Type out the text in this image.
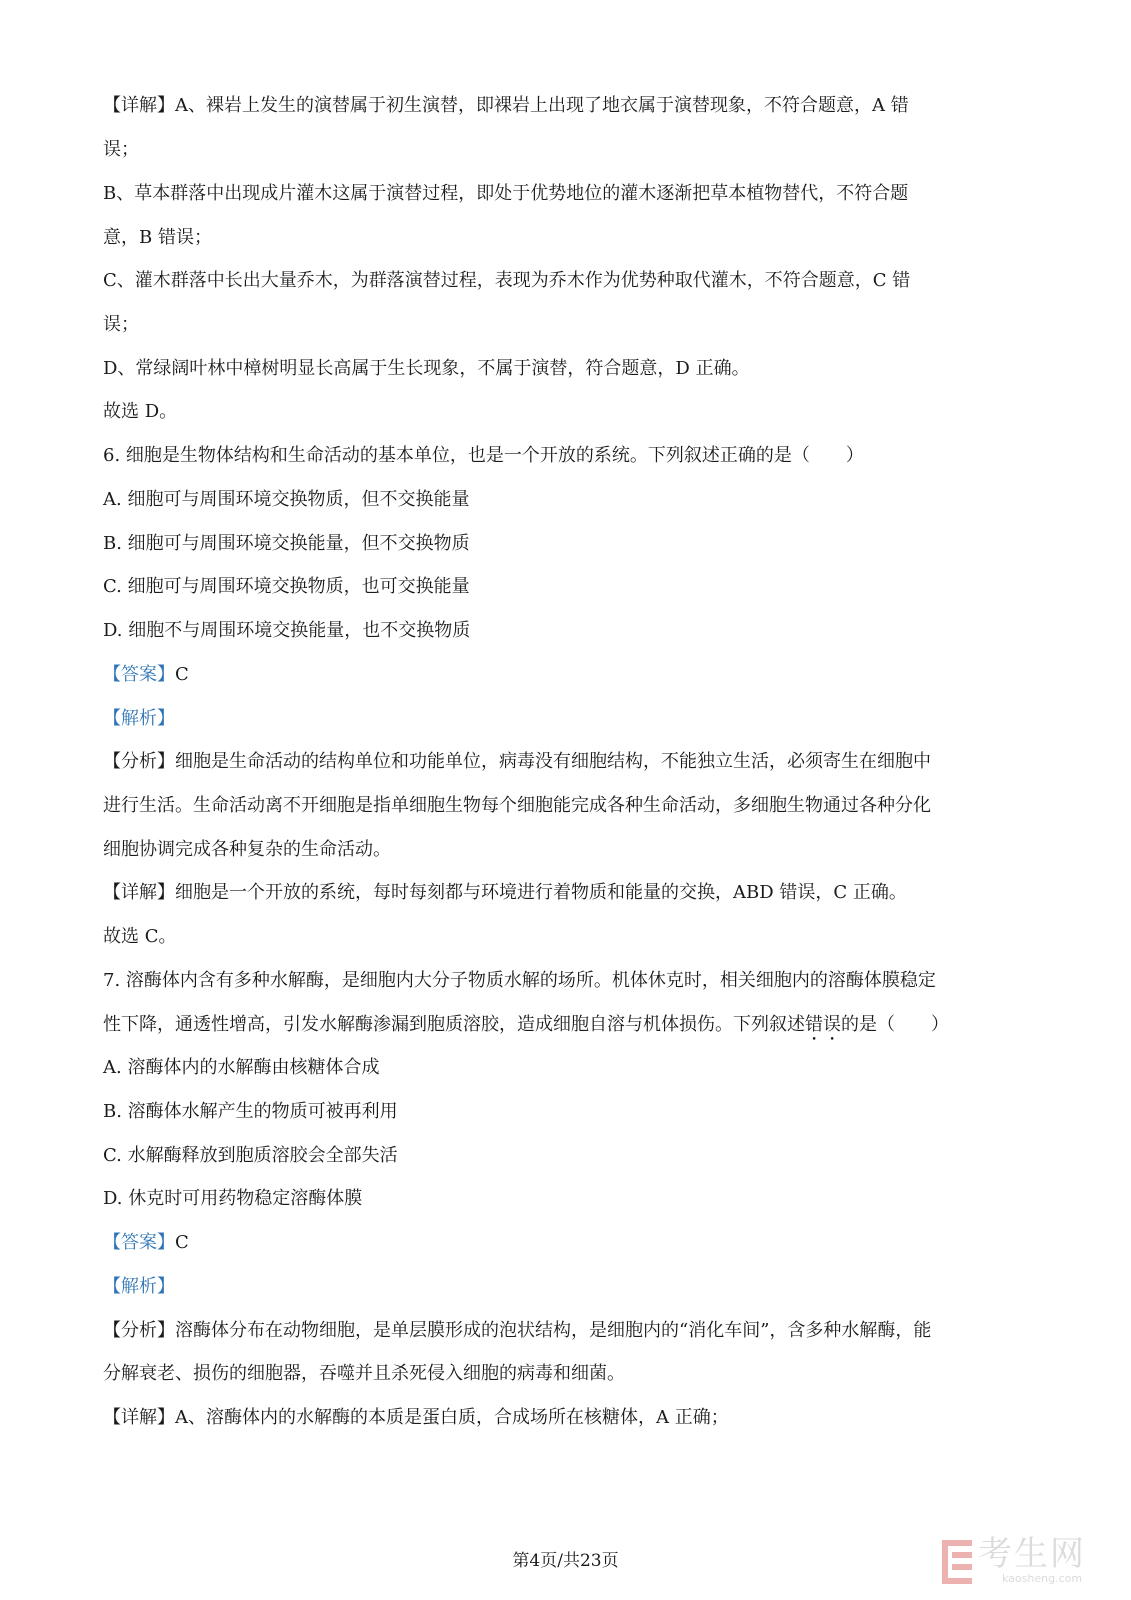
【详解】A、裸岩上发生的演替属于初生演替，即裸岩上出现了地衣属于演替现象，不符合题意，A 错
误；
B、草本群落中出现成片灌木这属于演替过程，即处于优势地位的灌木逐渐把草本植物替代，不符合题
意，B 错误；
C、灌木群落中长出大量乔木，为群落演替过程，表现为乔木作为优势种取代灌木，不符合题意，C 错
误；
D、常绿阔叶林中樟树明显长高属于生长现象，不属于演替，符合题意，D 正确。
故选 D。
6. 细胞是生物体结构和生命活动的基本单位，也是一个开放的系统。下列叙述正确的是（　　）
A. 细胞可与周围环境交换物质，但不交换能量
B. 细胞可与周围环境交换能量，但不交换物质
C. 细胞可与周围环境交换物质，也可交换能量
D. 细胞不与周围环境交换能量，也不交换物质
【答案】C
【解析】
【分析】细胞是生命活动的结构单位和功能单位，病毒没有细胞结构，不能独立生活，必须寄生在细胞中
进行生活。生命活动离不开细胞是指单细胞生物每个细胞能完成各种生命活动，多细胞生物通过各种分化
细胞协调完成各种复杂的生命活动。
【详解】细胞是一个开放的系统，每时每刻都与环境进行着物质和能量的交换，ABD 错误，C 正确。
故选 C。
7. 溶酶体内含有多种水解酶，是细胞内大分子物质水解的场所。机体休克时，相关细胞内的溶酶体膜稳定
性下降，通透性增高，引发水解酶渗漏到胞质溶胶，造成细胞自溶与机体损伤。下列叙述错误的是（　　）
A. 溶酶体内的水解酶由核糖体合成
B. 溶酶体水解产生的物质可被再利用
C. 水解酶释放到胞质溶胶会全部失活
D. 休克时可用药物稳定溶酶体膜
【答案】C
【解析】
【分析】溶酶体分布在动物细胞，是单层膜形成的泡状结构，是细胞内的“消化车间”，含多种水解酶，能
分解衰老、损伤的细胞器，吞噬并且杀死侵入细胞的病毒和细菌。
【详解】A、溶酶体内的水解酶的本质是蛋白质，合成场所在核糖体，A 正确；
第4页/共23页	考生网
kaosheng.com
